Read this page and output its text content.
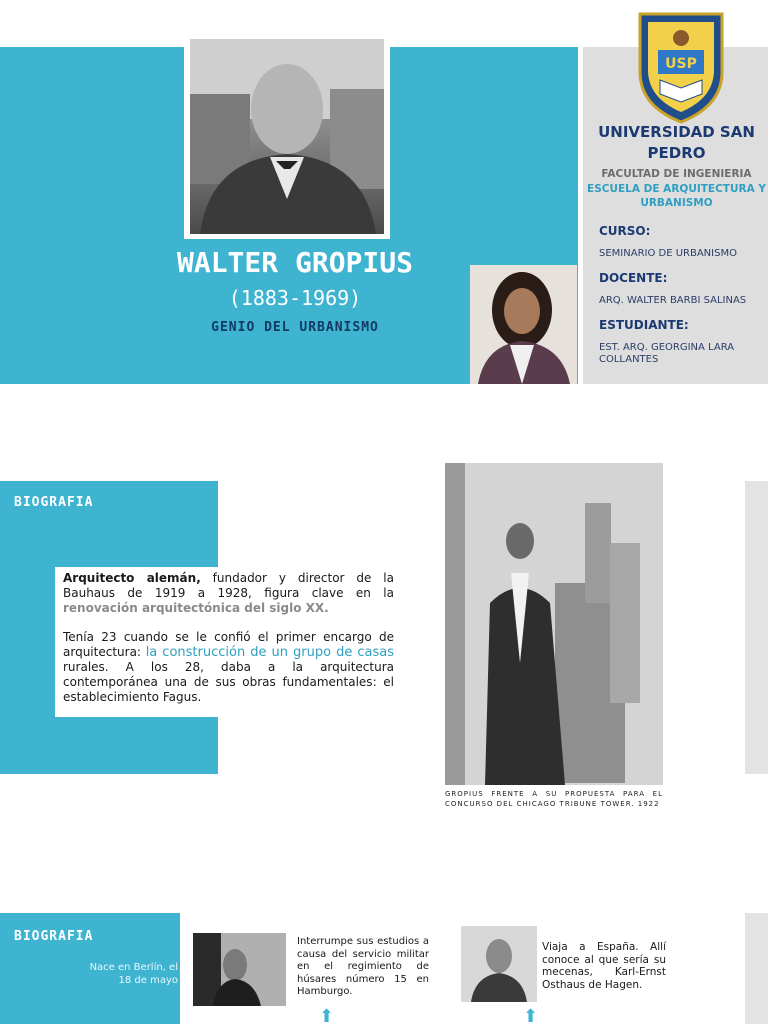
WALTER GROPIUS
(1883-1969)
GENIO DEL URBANISMO
USP
UNIVERSIDAD SAN PEDRO
FACULTAD DE INGENIERIA
ESCUELA DE ARQUITECTURA Y URBANISMO
CURSO:
SEMINARIO DE URBANISMO
DOCENTE:
ARQ. WALTER BARBI SALINAS
ESTUDIANTE:
EST. ARQ. GEORGINA LARA COLLANTES
BIOGRAFIA

Arquitecto alemán, fundador y director de la Bauhaus de 1919 a 1928, figura clave en la renovación arquitectónica del siglo XX.

Tenía 23 cuando se le confió el primer encargo de arquitectura: la construcción de un grupo de casas rurales. A los 28, daba a la arquitectura contemporánea una de sus obras fundamentales: el establecimiento Fagus.

GROPIUS FRENTE A SU PROPUESTA PARA EL CONCURSO DEL CHICAGO TRIBUNE TOWER. 1922
BIOGRAFIA
Nace en Berlín, el 18 de mayo
Interrumpe sus estudios a causa del servicio militar en el regimiento de húsares número 15 en Hamburgo.
Viaja a España. Allí conoce al que sería su mecenas, Karl-Ernst Osthaus de Hagen.
⬆	⬆	⬆
